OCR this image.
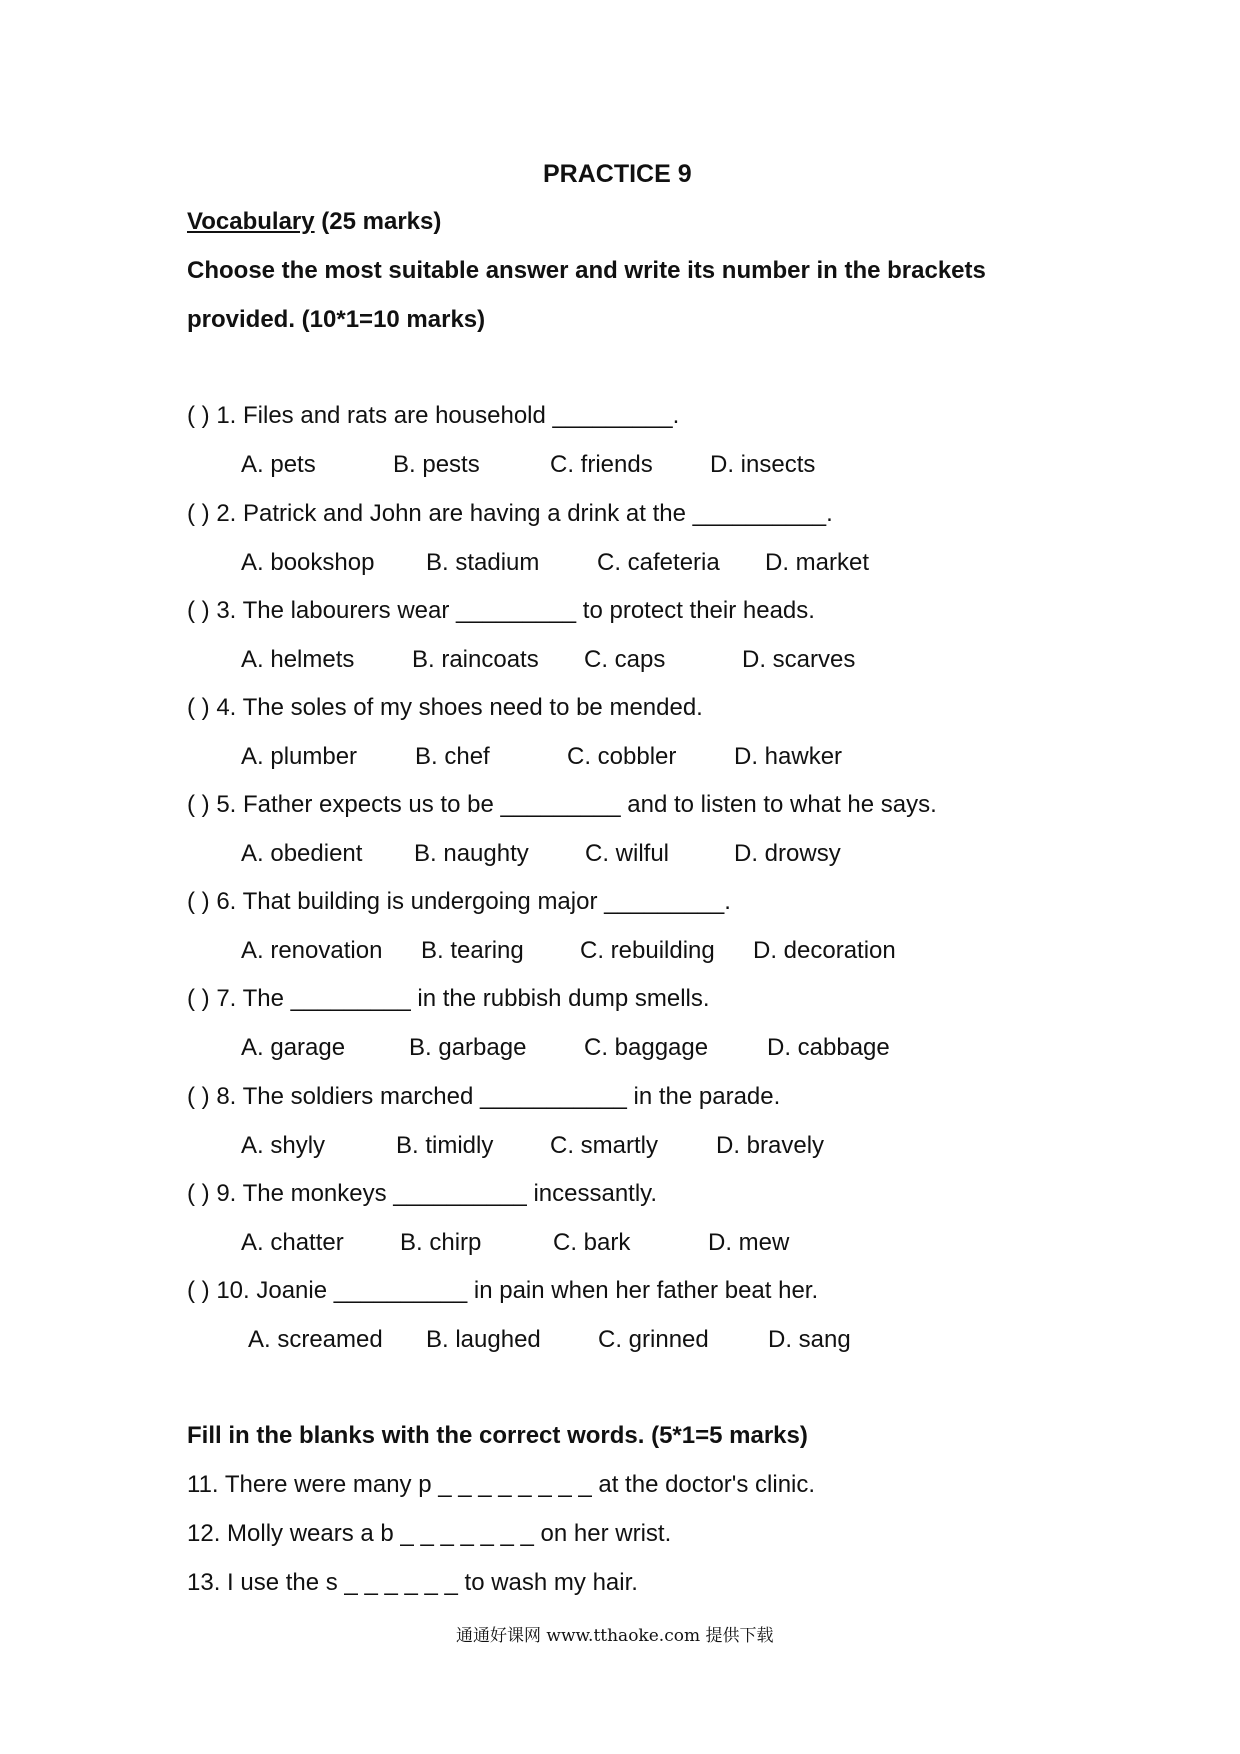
PRACTICE 9
Vocabulary (25 marks)
Choose the most suitable answer and write its number in the brackets
provided. (10*1=10 marks)
( ) 1. Files and rats are household _________.
A. pets	B. pests	C. friends D. insects
( ) 2. Patrick and John are having a drink at the __________.
A. bookshop B. stadium C. cafeteria D. market
( ) 3. The labourers wear _________ to protect their heads.
A. helmets B. raincoats C. caps	D. scarves
( ) 4. The soles of my shoes need to be mended.
A. plumber B. chef	C. cobbler D. hawker
( ) 5. Father expects us to be _________ and to listen to what he says.
A. obedient B. naughty C. wilful	D. drowsy
( ) 6. That building is undergoing major _________.
A. renovation B. tearing C. rebuilding D. decoration
( ) 7. The _________ in the rubbish dump smells.
A. garage	B. garbage C. baggage D. cabbage
( ) 8. The soldiers marched ___________ in the parade.
A. shyly	B. timidly C. smartly D. bravely
( ) 9. The monkeys __________ incessantly.
A. chatter B. chirp	C. bark	D. mew
( ) 10. Joanie __________ in pain when her father beat her.
A. screamed B. laughed C. grinned D. sang
Fill in the blanks with the correct words. (5*1=5 marks)
11. There were many p _ _ _ _ _ _ _ _ at the doctor's clinic.
12. Molly wears a b _ _ _ _ _ _ _ on her wrist.
13. I use the s _ _ _ _ _ _ to wash my hair.
通通好课网 www.tthaoke.com 提供下载
